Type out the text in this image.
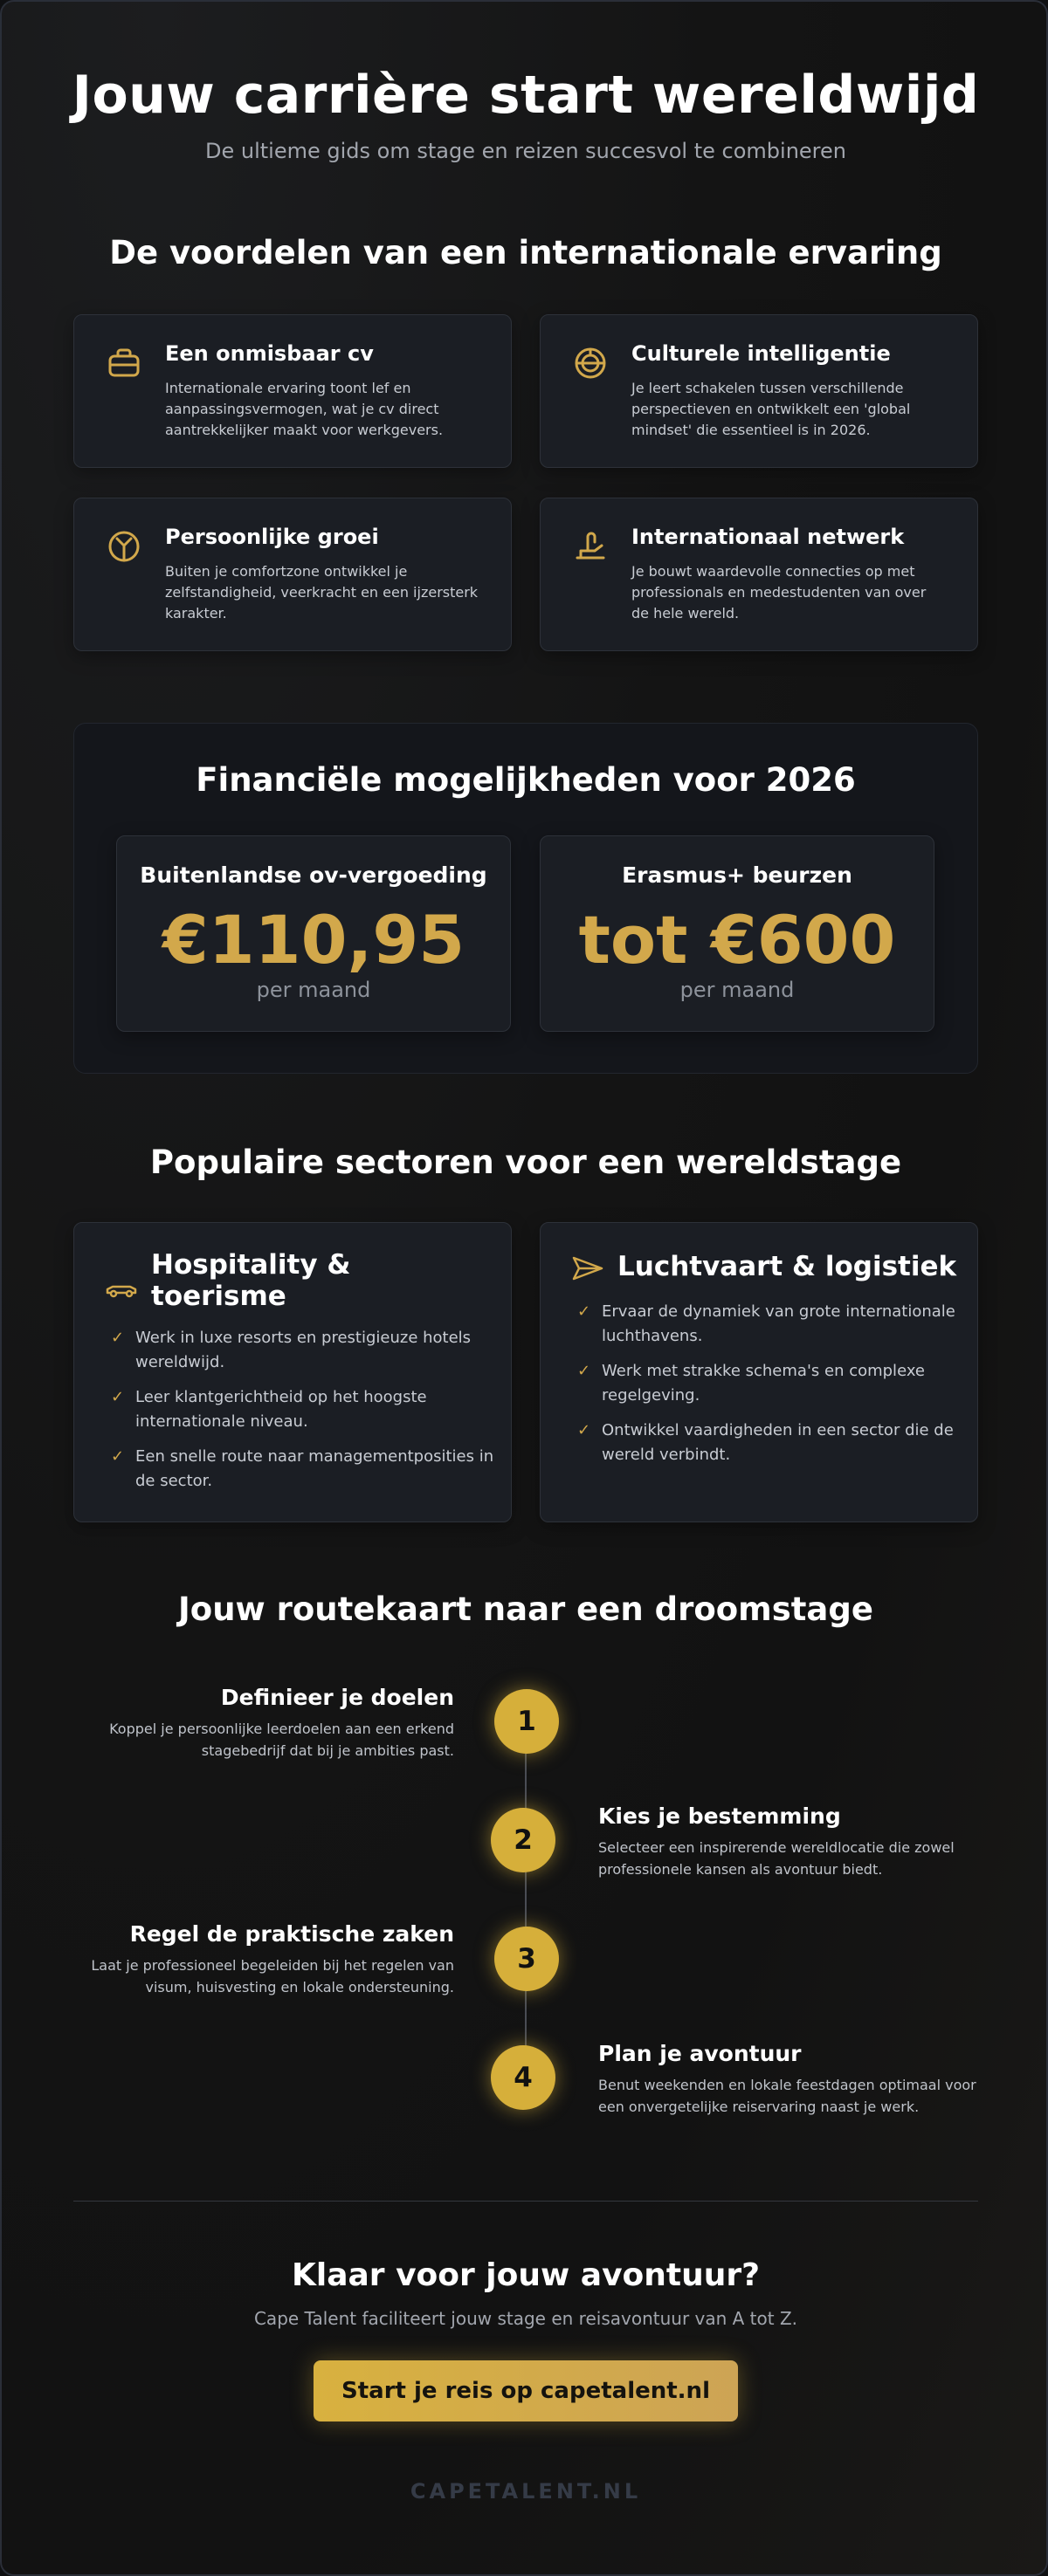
Jouw carrière start wereldwijd

De ultieme gids om stage en reizen succesvol te combineren

De voordelen van een internationale ervaring
Een onmisbaar cv
Internationale ervaring toont lef en aanpassingsvermogen, wat je cv direct aantrekkelijker maakt voor werkgevers.
Culturele intelligentie
Je leert schakelen tussen verschillende perspectieven en ontwikkelt een 'global mindset' die essentieel is in 2026.
Persoonlijke groei
Buiten je comfortzone ontwikkel je zelfstandigheid, veerkracht en een ijzersterk karakter.
Internationaal netwerk
Je bouwt waardevolle connecties op met professionals en medestudenten van over de hele wereld.
Financiële mogelijkheden voor 2026
Buitenlandse ov-vergoeding
€110,95
per maand
Erasmus+ beurzen
tot €600
per maand
Populaire sectoren voor een wereldstage
Hospitality &
toerisme
✓ Werk in luxe resorts en prestigieuze hotels wereldwijd.
✓ Leer klantgerichtheid op het hoogste internationale niveau.
✓ Een snelle route naar managementposities in de sector.
Luchtvaart & logistiek
✓ Ervaar de dynamiek van grote internationale luchthavens.
✓ Werk met strakke schema's en complexe regelgeving.
✓ Ontwikkel vaardigheden in een sector die de wereld verbindt.
Jouw routekaart naar een droomstage
1
Definieer je doelen
Koppel je persoonlijke leerdoelen aan een erkend stagebedrijf dat bij je ambities past.
2
Kies je bestemming
Selecteer een inspirerende wereldlocatie die zowel professionele kansen als avontuur biedt.
3
Regel de praktische zaken
Laat je professioneel begeleiden bij het regelen van visum, huisvesting en lokale ondersteuning.
4
Plan je avontuur
Benut weekenden en lokale feestdagen optimaal voor een onvergetelijke reiservaring naast je werk.
Klaar voor jouw avontuur?

Cape Talent faciliteert jouw stage en reisavontuur van A tot Z.

Start je reis op capetalent.nl
CAPETALENT.NL
